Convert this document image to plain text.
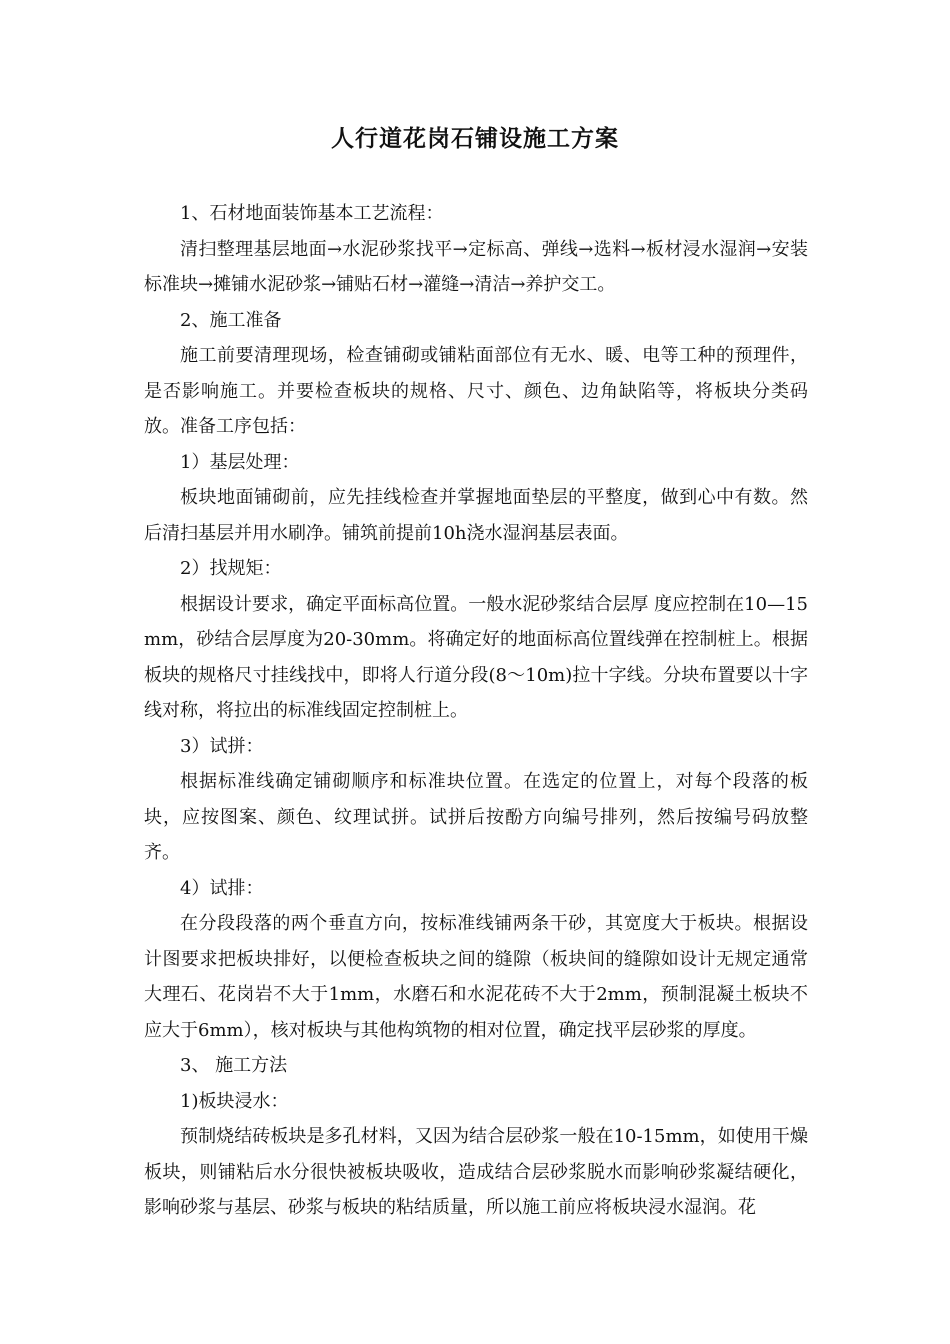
人行道花岗石铺设施工方案

1、石材地面装饰基本工艺流程：

清扫整理基层地面→水泥砂浆找平→定标高、弹线→选料→板材浸水湿润→安装标准块→摊铺水泥砂浆→铺贴石材→灌缝→清洁→养护交工。

2、施工准备

施工前要清理现场，检查铺砌或铺粘面部位有无水、暖、电等工种的预理件，是否影响施工。并要检查板块的规格、尺寸、颜色、边角缺陷等，将板块分类码放。准备工序包括：

1）基层处理：

板块地面铺砌前，应先挂线检查并掌握地面垫层的平整度，做到心中有数。然后清扫基层并用水刷净。铺筑前提前10h浇水湿润基层表面。

2）找规矩：

根据设计要求，确定平面标高位置。一般水泥砂浆结合层厚 度应控制在10—15mm，砂结合层厚度为20-30mm。将确定好的地面标高位置线弹在控制桩上。根据板块的规格尺寸挂线找中，即将人行道分段(8～10m)拉十字线。分块布置要以十字线对称，将拉出的标准线固定控制桩上。

3）试拼：

根据标准线确定铺砌顺序和标准块位置。在选定的位置上，对每个段落的板块，应按图案、颜色、纹理试拼。试拼后按酚方向编号排列，然后按编号码放整齐。

4）试排：

在分段段落的两个垂直方向，按标准线铺两条干砂，其宽度大于板块。根据设计图要求把板块排好，以便检查板块之间的缝隙（板块间的缝隙如设计无规定通常大理石、花岗岩不大于1mm，水磨石和水泥花砖不大于2mm，预制混凝土板块不应大于6mm），核对板块与其他构筑物的相对位置，确定找平层砂浆的厚度。

3、 施工方法

1)板块浸水：

预制烧结砖板块是多孔材料，又因为结合层砂浆一般在10-15mm，如使用干燥板块，则铺粘后水分很快被板块吸收，造成结合层砂浆脱水而影响砂浆凝结硬化，影响砂浆与基层、砂浆与板块的粘结质量，所以施工前应将板块浸水湿润。花
